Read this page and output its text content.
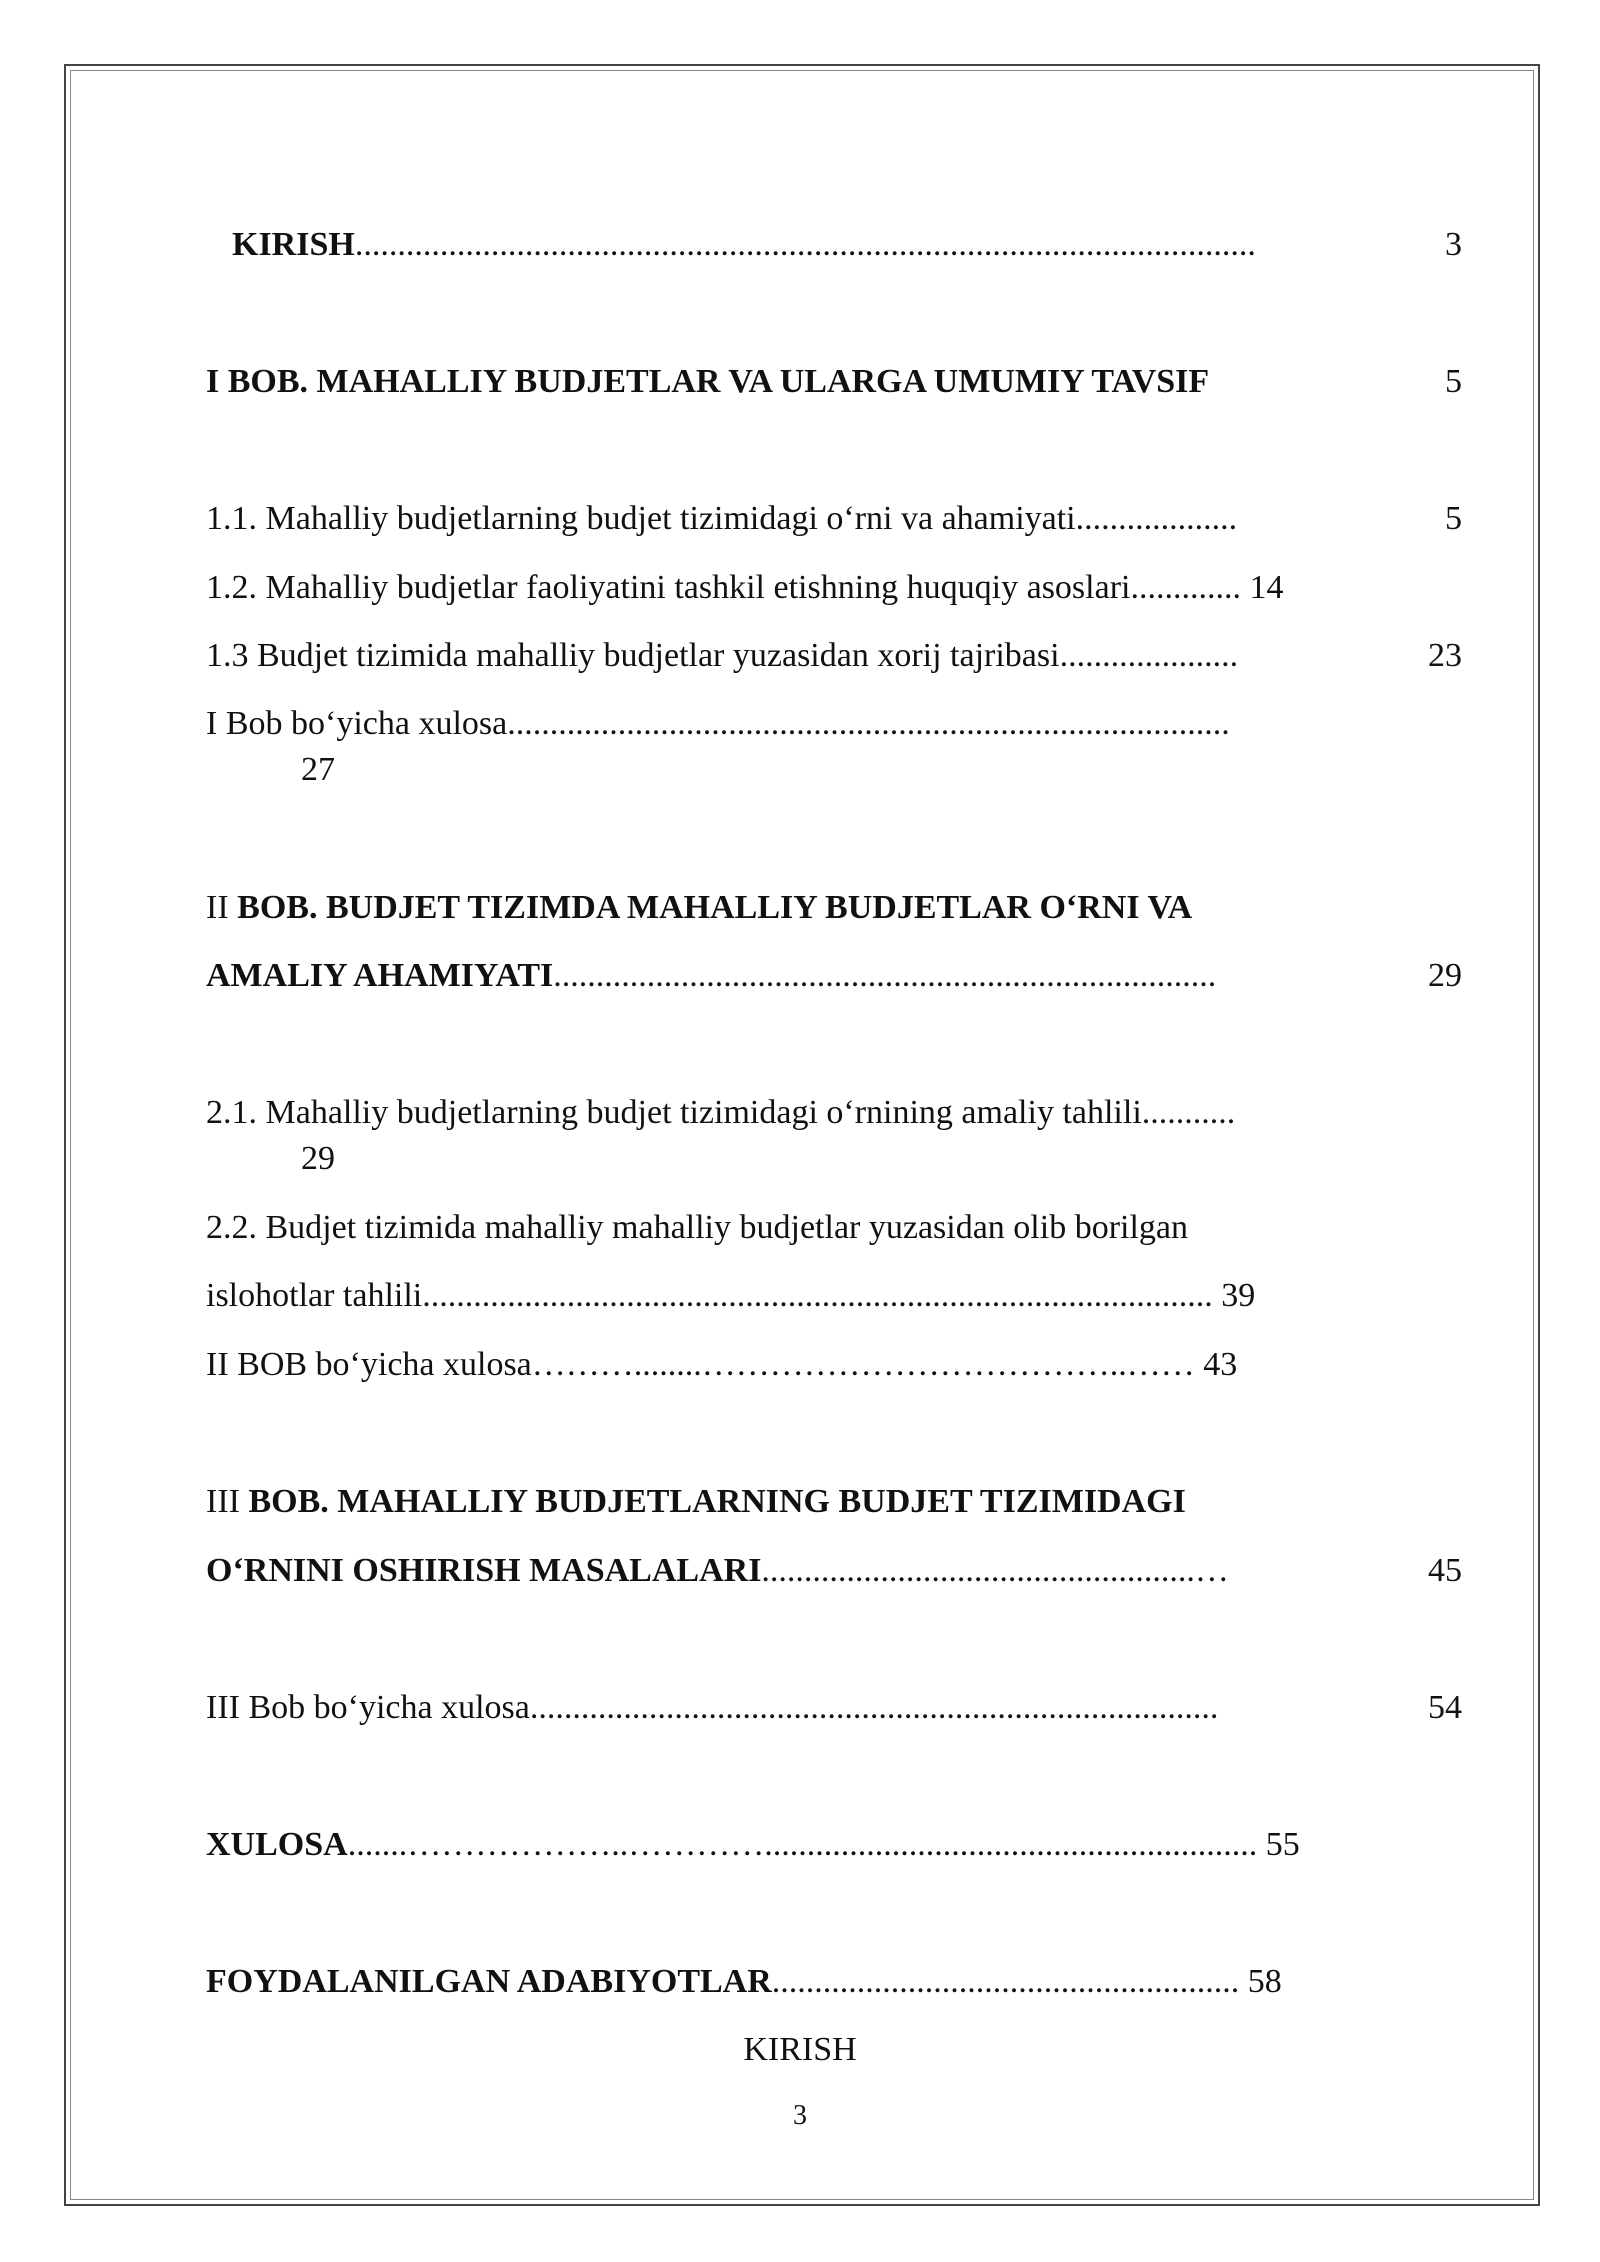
KIRISH..........................................................................................................	3
I BOB. MAHALLIY BUDJETLAR VA ULARGA UMUMIY TAVSIF	5
1.1. Mahalliy budjetlarning budjet tizimidagi o‘rni va ahamiyati...................	5
1.2. Mahalliy budjetlar faoliyatini tashkil etishning huquqiy asoslari............. 14
1.3 Budjet tizimida mahalliy budjetlar yuzasidan xorij tajribasi.....................	23
I Bob bo‘yicha xulosa.....................................................................................
27
II BOB. BUDJET TIZIMDA MAHALLIY BUDJETLAR O‘RNI VA
AMALIY AHAMIYATI..............................................................................	29
2.1. Mahalliy budjetlarning budjet tizimidagi o‘rnining amaliy tahlili...........
29
2.2. Budjet tizimida mahalliy mahalliy budjetlar yuzasidan olib borilgan
islohotlar tahlili............................................................................................. 39
II BOB bo‘yicha xulosa………........………………………………..…… 43
III BOB. MAHALLIY BUDJETLARNING BUDJET TIZIMIDAGI
O‘RNINI OSHIRISH MASALALARI...................................................…	45
III Bob bo‘yicha xulosa.................................................................................	54
XULOSA.......………………..………….......................................................... 55
FOYDALANILGAN ADABIYOTLAR....................................................... 58
KIRISH
3
